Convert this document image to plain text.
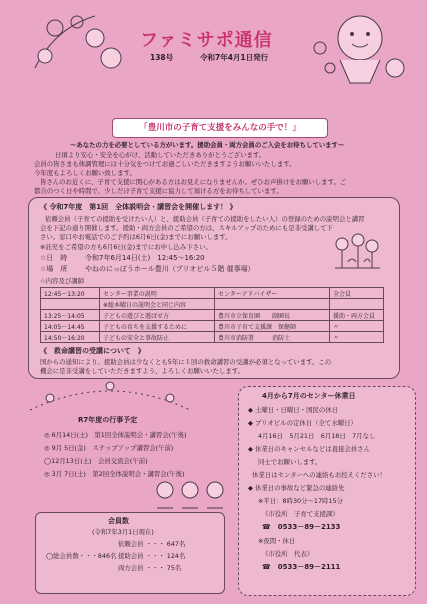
ファミサポ通信
138号	令和7年4月1日発行
「豊川市の子育て支援をみんなの手で！」
～あなたの力を必要としている方がいます。援助会員・両方会員のご入会をお待ちしています～
日頃より安心・安全を心がけ、活動していただきありがとうございます。
会員の皆さまも体調管理には十分気をつけてお過ごしいただきますようお願いいたします。
今年度もよろしくお願い致します。
皆さんのお近くに、子育て支援に関心がある方はお見えになりませんか。ぜひお声掛けをお願いします。ご
都合のつく日や時間で、少しだけ子育て支援に協力して頂ける方をお待ちしています。
《 令和7年度　第1回　全体説明会・講習会を開催します！ 》
依頼会員（子育ての援助を受けたい人）と、援助会員（子育ての援助をしたい人）の登録のための説明会と講習
会を下記の通り開催します。援助・両方会員のご希望の方は、スキルアップのためにも是非受講して下
さい。窓口やお電話でのご予約は6月6日(金)までにお願いします。
※託児をご希望の方も6月6日(金)までにお申し込み下さい。
☆日　時	令和7年6月14日(土)　12:45～16:20
☆場　所	やねのにっぽうホール豊川（プリオビル５階 催事場）
☆内容及び講師
12:45～13:20	センター事業の説明	センターアドバイザー	全会員
	※総本曜日の説明会と同じ内容		
13:25～14:05	子どもの遊びと遊ばせ方	豊川市立保育園　　副園長	援助・両方会員
14:05～14:45	子どもの育ちを支援するために	豊川市子育て支援課　保健師	〃
14:50～16:20	子どもの安全と事故防止	豊川市消防署　　　消防士	〃
《　救命講習の受講について　》
国からの通知により、援助会員は少なくとも5年に１回の救命講習の受講が必須となっています。この
機会に是非受講をしていただきますよう、よろしくお願いいたします。
R7年度の行事予定
◎ 6月14日(土)　第1回全体説明会・講習会(午後)
◎ 9月 5日(金)　ステップアップ講習会(午前)
◯12月13日(土)　会員交流会(午前)
◎ 3月 7日(土)　第2回全体説明会・講習会(午後)
会員数
(令和7年3月1日現在)
依頼会員 ・・・ 647名
援助会員 ・・・ 124名
両方会員 ・・・ 75名
◯総会員数・・・846名
4月から7月のセンター休業日
◆ 土曜日・日曜日・国民の休日
◆ プリオビルの定休日（全て水曜日）
4月16日　5月21日　6月18日　7月なし
◆ 休業日のキャンセルなどは直接会員さん
同士でお願いします。
休業日はセンターへの連絡もお控えください！
◆ 休業日の事故など緊急の連絡先
※平日：8時30分～17時15分
《市役所　子育て支援課》
☎　0533－89－2133
※夜間・休日
《市役所　代表》
☎　0533－89－2111
